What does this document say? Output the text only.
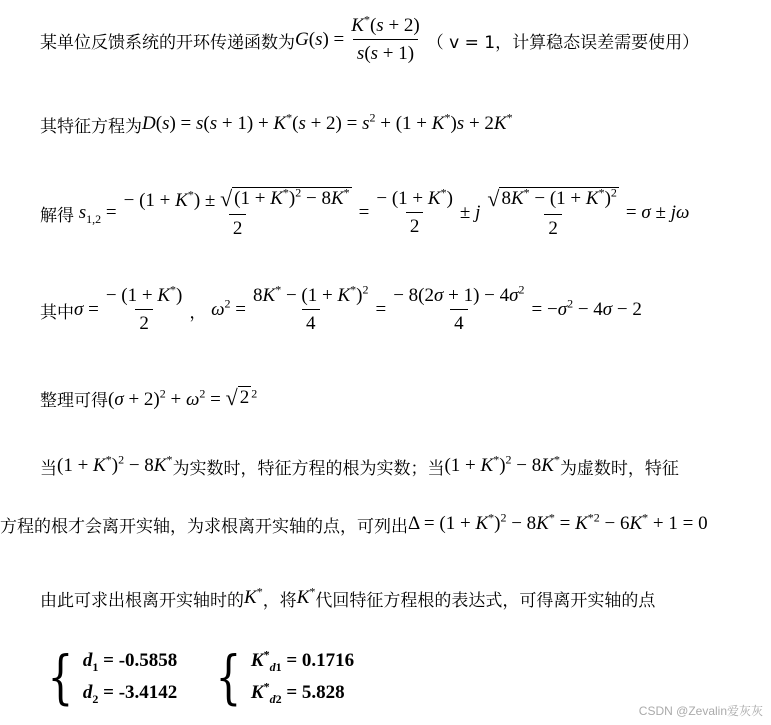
某单位反馈系统的开环传递函数为 $G(s) = \frac{K^*(s + 2)}{s(s + 1)}$ （ v = 1，计算稳态误差需要使用）
其特征方程为 $D(s) = s(s + 1) + K^*(s + 2) = s^2 + (1 + K^*)s + 2K^*$
解得 $s_{1,2} = \frac{- (1 + K^*) \pm √ (1 + K^*)^2 - 8K^*}{2} = \frac{- (1 + K^*)}{2} \pm j \frac{√ 8K^* - (1 + K^*)^2}{2} = \sigma \pm j\omega$
其中 $\sigma = \frac{- (1 + K^*)}{2}$ ， $\omega^2 = \frac{8K^* - (1 + K^*)^2}{4} = \frac{- 8(2\sigma + 1) - 4\sigma^2}{4} = -\sigma^2 - 4\sigma - 2$
整理可得 $(\sigma + 2)^2 + \omega^2$ = √ 2 $^2$
当 $(1 + K^*)^2 - 8K^*$ 为实数时，特征方程的根为实数；当 $(1 + K^*)^2 - 8K^*$ 为虚数时，特征
方程的根才会离开实轴，为求根离开实轴的点，可列出 $\Delta = (1 + K^*)^2 - 8K^* = K^{*2} - 6K^* + 1 = 0$
由此可求出根离开实轴时的 K* ，将 K* 代回特征方程根的表达式，可得离开实轴的点
{ $d_1 = -0.5858$
$d_2 = -3.4142$ { $K^*_{d1} = 0.1716$
$K^*_{d2} = 5.828$
CSDN @Zevalin爱灰灰
